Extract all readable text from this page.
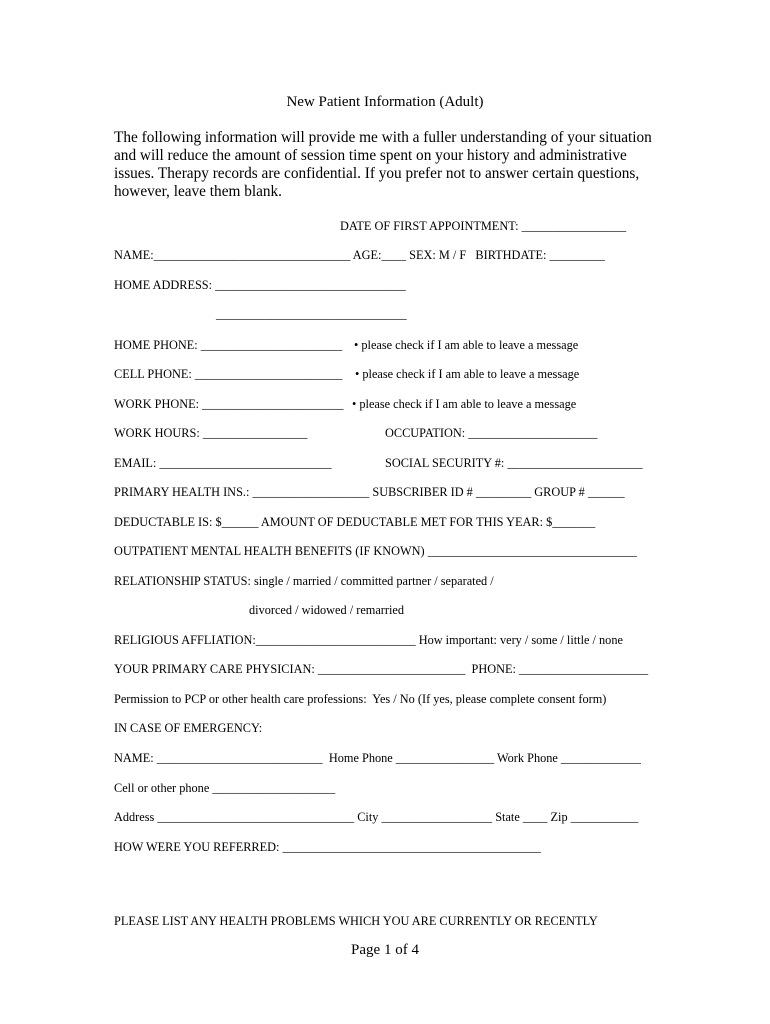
New Patient Information (Adult)
The following information will provide me with a fuller understanding of your situation and will reduce the amount of session time spent on your history and administrative issues. Therapy records are confidential. If you prefer not to answer certain questions, however, leave them blank.
DATE OF FIRST APPOINTMENT: _________________
NAME:________________________________ AGE:____ SEX: M / F   BIRTHDATE: _________
HOME ADDRESS: _______________________________
_______________________________
HOME PHONE: _______________________ • please check if I am able to leave a message
CELL PHONE: ________________________ • please check if I am able to leave a message
WORK PHONE: _______________________ • please check if I am able to leave a message
WORK HOURS: _________________	OCCUPATION: _____________________
EMAIL: ____________________________	SOCIAL SECURITY #: ______________________
PRIMARY HEALTH INS.: ___________________ SUBSCRIBER ID # _________ GROUP # ______
DEDUCTABLE IS: $______ AMOUNT OF DEDUCTABLE MET FOR THIS YEAR: $_______
OUTPATIENT MENTAL HEALTH BENEFITS (IF KNOWN) __________________________________
RELATIONSHIP STATUS: single / married / committed partner / separated /
divorced / widowed / remarried
RELIGIOUS AFFLIATION:__________________________ How important: very / some / little / none
YOUR PRIMARY CARE PHYSICIAN: ________________________  PHONE: _____________________
Permission to PCP or other health care professions:  Yes / No (If yes, please complete consent form)
IN CASE OF EMERGENCY:
NAME: ___________________________  Home Phone ________________ Work Phone _____________
Cell or other phone ____________________
Address ________________________________ City __________________ State ____ Zip ___________
HOW WERE YOU REFERRED: __________________________________________
PLEASE LIST ANY HEALTH PROBLEMS WHICH YOU ARE CURRENTLY OR RECENTLY
Page 1 of 4
